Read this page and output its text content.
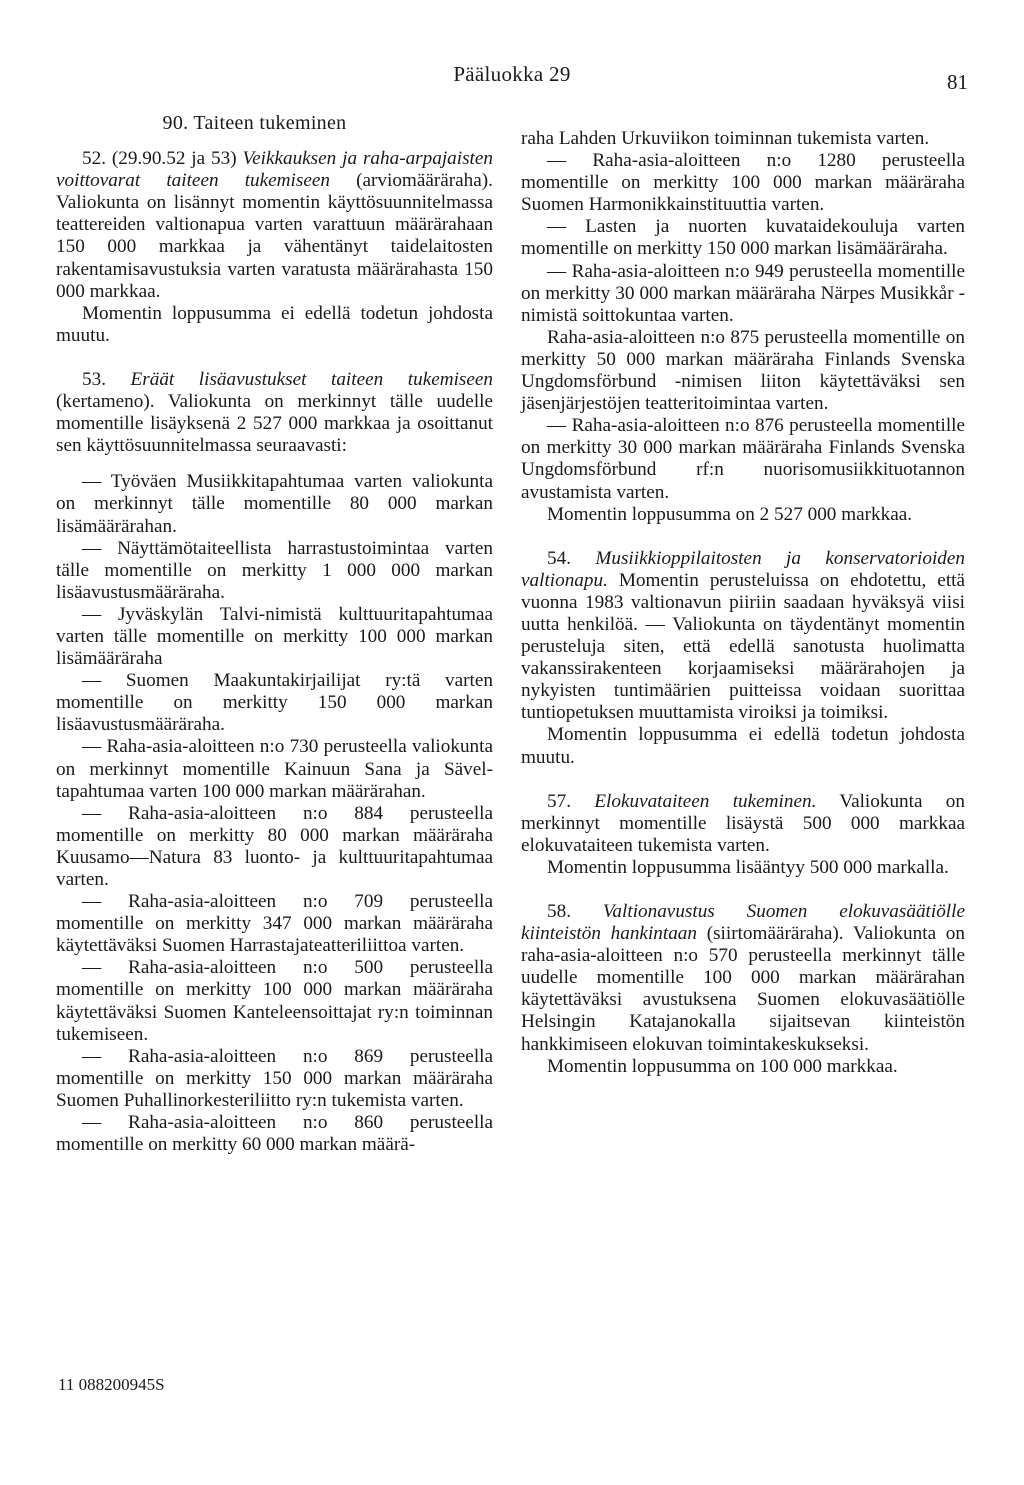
Pääluokka 29	81

90. Taiteen tukeminen

52. (29.90.52 ja 53) Veikkauksen ja raha-arpajaisten voittovarat taiteen tukemiseen (arviomääräraha). Valiokunta on lisännyt momentin käyttösuunnitelmassa teattereiden valtionapua varten varattuun määrärahaan 150 000 markkaa ja vähentänyt taidelaitosten rakentamisavustuksia varten varatusta määrärahasta 150 000 markkaa.

Momentin loppusumma ei edellä todetun johdosta muutu.

53. Eräät lisäavustukset taiteen tukemiseen (kertameno). Valiokunta on merkinnyt tälle uudelle momentille lisäyksenä 2 527 000 markkaa ja osoittanut sen käyttösuunnitelmassa seuraavasti:

— Työväen Musiikkitapahtumaa varten valiokunta on merkinnyt tälle momentille 80 000 markan lisämäärärahan.

— Näyttämötaiteellista harrastustoimintaa varten tälle momentille on merkitty 1 000 000 markan lisäavustusmääräraha.

— Jyväskylän Talvi-nimistä kulttuuritapahtumaa varten tälle momentille on merkitty 100 000 markan lisämääräraha

— Suomen Maakuntakirjailijat ry:tä varten momentille on merkitty 150 000 markan lisäavustusmääräraha.

— Raha-asia-aloitteen n:o 730 perusteella valiokunta on merkinnyt momentille Kainuun Sana ja Sävel-tapahtumaa varten 100 000 markan määrärahan.

— Raha-asia-aloitteen n:o 884 perusteella momentille on merkitty 80 000 markan määräraha Kuusamo—Natura 83 luonto- ja kulttuuritapahtumaa varten.

— Raha-asia-aloitteen n:o 709 perusteella momentille on merkitty 347 000 markan määräraha käytettäväksi Suomen Harrastajateatteriliittoa varten.

— Raha-asia-aloitteen n:o 500 perusteella momentille on merkitty 100 000 markan määräraha käytettäväksi Suomen Kanteleensoittajat ry:n toiminnan tukemiseen.

— Raha-asia-aloitteen n:o 869 perusteella momentille on merkitty 150 000 markan määräraha Suomen Puhallinorkesteriliitto ry:n tukemista varten.

— Raha-asia-aloitteen n:o 860 perusteella momentille on merkitty 60 000 markan määrä-

raha Lahden Urkuviikon toiminnan tukemista varten.

— Raha-asia-aloitteen n:o 1280 perusteella momentille on merkitty 100 000 markan määräraha Suomen Harmonikkainstituuttia varten.

— Lasten ja nuorten kuvataidekouluja varten momentille on merkitty 150 000 markan lisämääräraha.

— Raha-asia-aloitteen n:o 949 perusteella momentille on merkitty 30 000 markan määräraha Närpes Musikkår -nimistä soittokuntaa varten.

Raha-asia-aloitteen n:o 875 perusteella momentille on merkitty 50 000 markan määräraha Finlands Svenska Ungdomsförbund -nimisen liiton käytettäväksi sen jäsenjärjestöjen teatteritoimintaa varten.

— Raha-asia-aloitteen n:o 876 perusteella momentille on merkitty 30 000 markan määräraha Finlands Svenska Ungdomsförbund rf:n nuorisomusiikkituotannon avustamista varten.

Momentin loppusumma on 2 527 000 markkaa.

54. Musiikkioppilaitosten ja konservatorioiden valtionapu. Momentin perusteluissa on ehdotettu, että vuonna 1983 valtionavun piiriin saadaan hyväksyä viisi uutta henkilöä. — Valiokunta on täydentänyt momentin perusteluja siten, että edellä sanotusta huolimatta vakanssirakenteen korjaamiseksi määrärahojen ja nykyisten tuntimäärien puitteissa voidaan suorittaa tuntiopetuksen muuttamista viroiksi ja toimiksi.

Momentin loppusumma ei edellä todetun johdosta muutu.

57. Elokuvataiteen tukeminen. Valiokunta on merkinnyt momentille lisäystä 500 000 markkaa elokuvataiteen tukemista varten.

Momentin loppusumma lisääntyy 500 000 markalla.

58. Valtionavustus Suomen elokuvasäätiölle kiinteistön hankintaan (siirtomääräraha). Valiokunta on raha-asia-aloitteen n:o 570 perusteella merkinnyt tälle uudelle momentille 100 000 markan määrärahan käytettäväksi avustuksena Suomen elokuvasäätiölle Helsingin Katajanokalla sijaitsevan kiinteistön hankkimiseen elokuvan toimintakeskukseksi.

Momentin loppusumma on 100 000 markkaa.

11 088200945S
